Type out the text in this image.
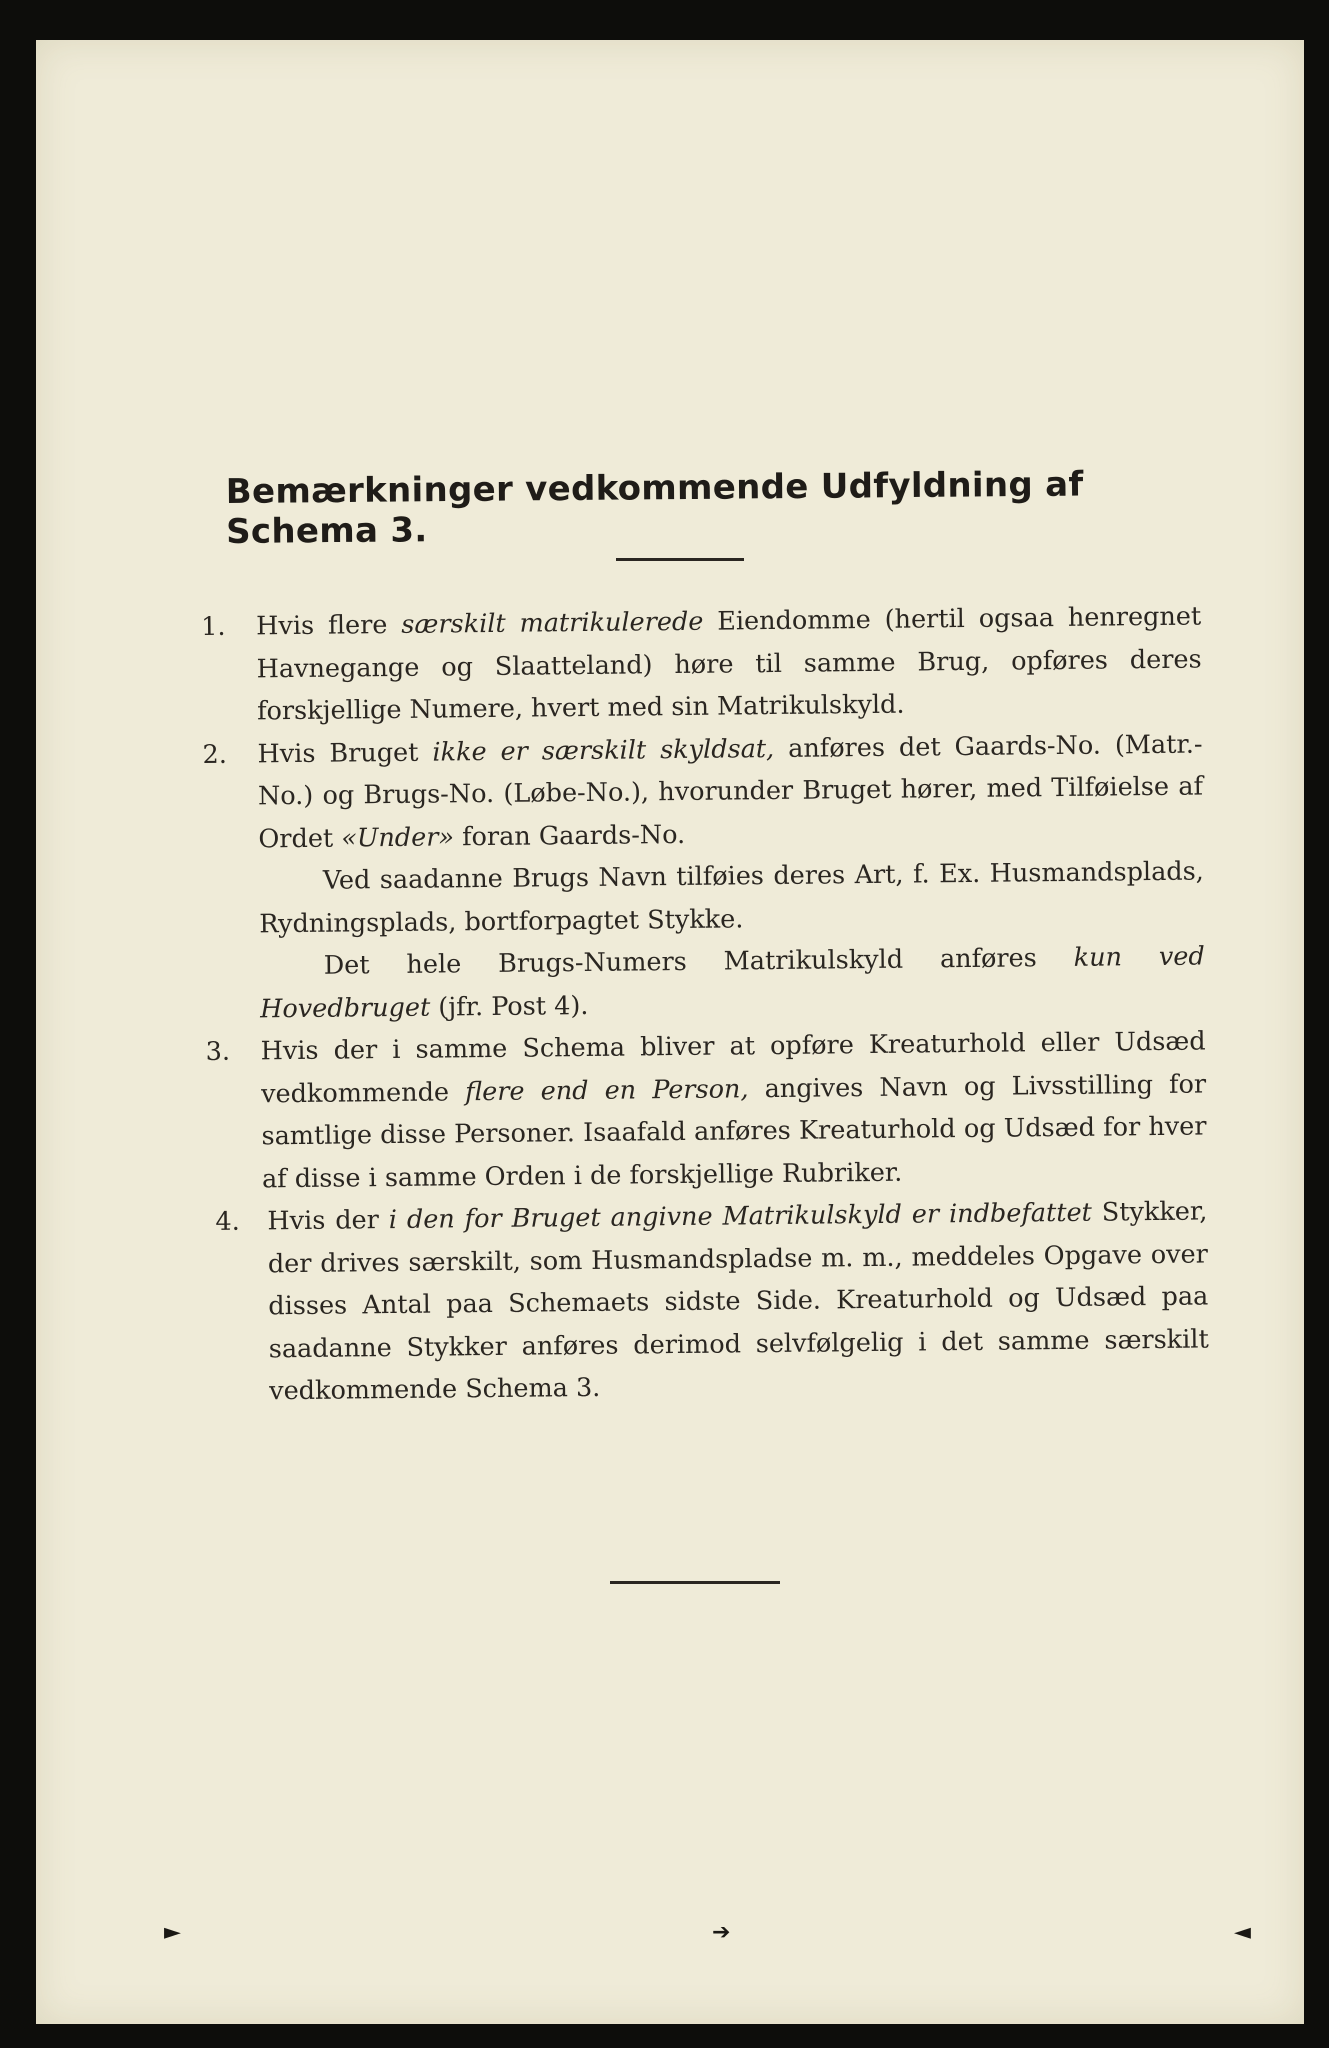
Bemærkninger vedkommende Udfyldning af Schema 3.
1. Hvis flere særskilt matrikulerede Eiendomme (hertil ogsaa henregnet Havnegange og Slaatteland) høre til samme Brug, opføres deres forskjellige Numere, hvert med sin Matrikulskyld.

2. Hvis Bruget ikke er særskilt skyldsat, anføres det Gaards-No. (Matr.-No.) og Brugs-No. (Løbe-No.), hvorunder Bruget hører, med Tilføielse af Ordet «Under» foran Gaards-No.

Ved saadanne Brugs Navn tilføies deres Art, f. Ex. Husmandsplads, Rydningsplads, bortforpagtet Stykke.

Det hele Brugs-Numers Matrikulskyld anføres kun ved Hovedbruget (jfr. Post 4).

3. Hvis der i samme Schema bliver at opføre Kreaturhold eller Udsæd vedkommende flere end en Person, angives Navn og Livsstilling for samtlige disse Personer. Isaafald anføres Kreaturhold og Udsæd for hver af disse i samme Orden i de forskjellige Rubriker.

4. Hvis der i den for Bruget angivne Matrikulskyld er indbefattet Stykker, der drives særskilt, som Husmandspladse m. m., meddeles Opgave over disses Antal paa Schemaets sidste Side. Kreaturhold og Udsæd paa saadanne Stykker anføres derimod selvfølgelig i det samme særskilt vedkommende Schema 3.

►	➔	◄
